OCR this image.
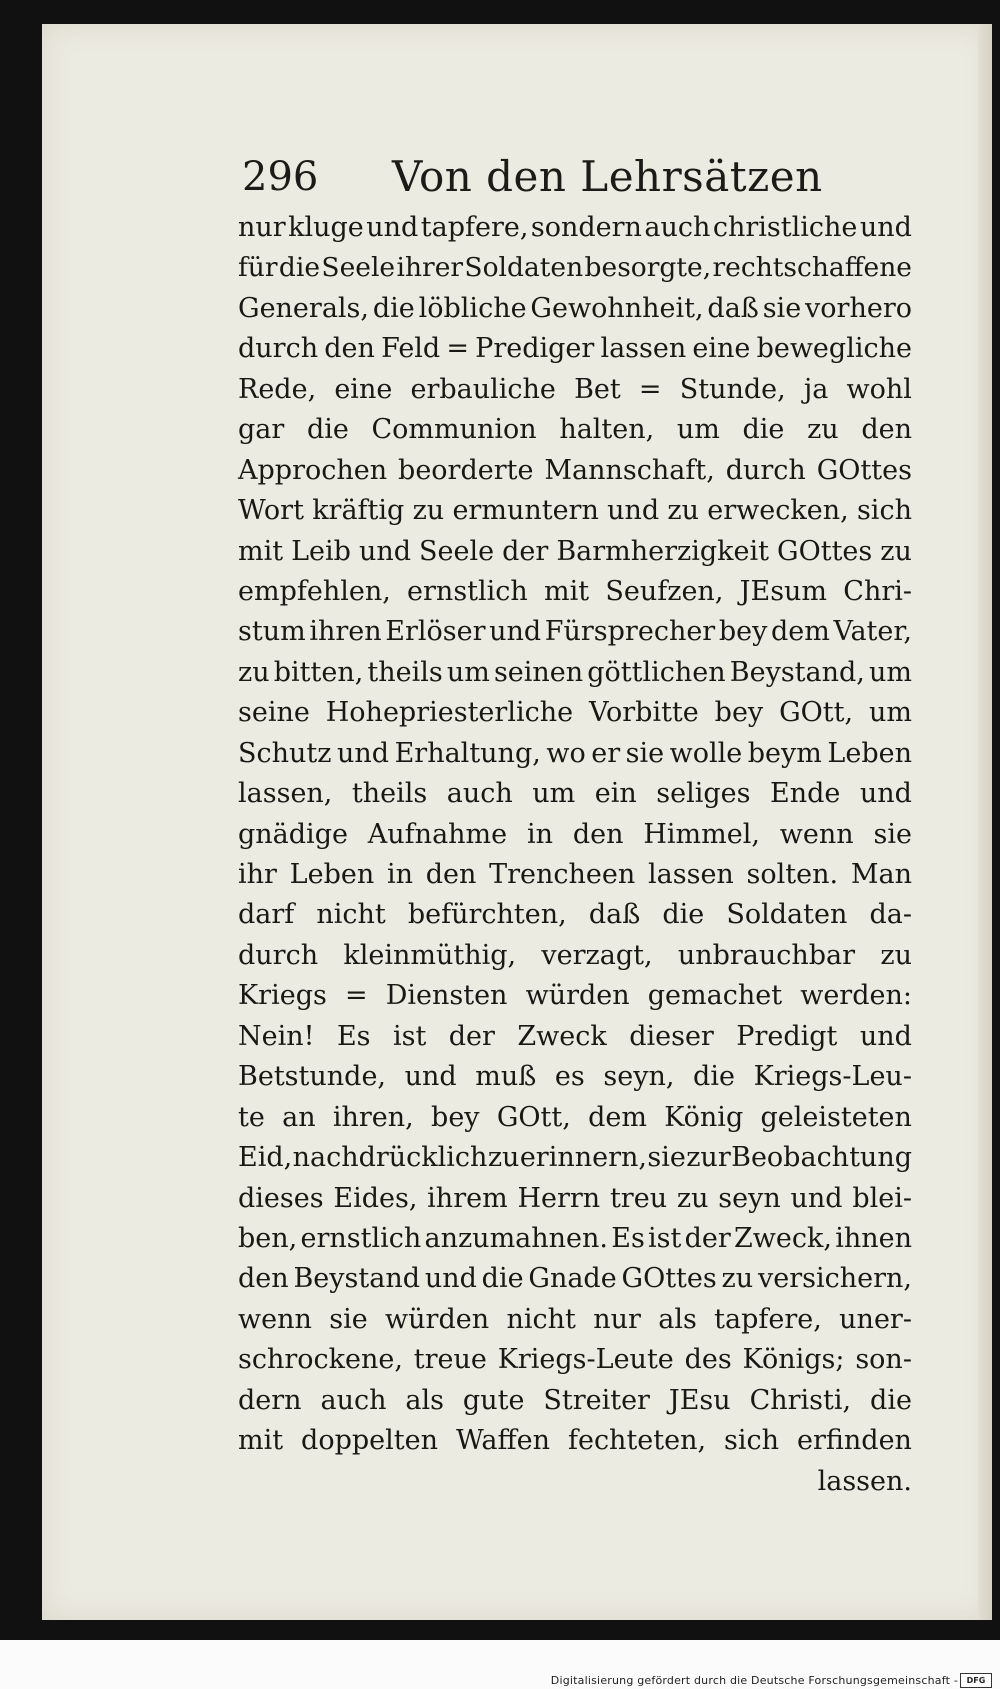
296 Von den Lehrsätzen
nur kluge und tapfere, sondern auch christliche und
für die Seele ihrer Soldaten besorgte, rechtschaffene
Generals, die löbliche Gewohnheit, daß sie vorhero
durch den Feld = Prediger lassen eine bewegliche
Rede, eine erbauliche Bet = Stunde, ja wohl
gar die Communion halten, um die zu den
Approchen beorderte Mannschaft, durch GOttes
Wort kräftig zu ermuntern und zu erwecken, sich
mit Leib und Seele der Barmherzigkeit GOttes zu
empfehlen, ernstlich mit Seufzen, JEsum Chri-
stum ihren Erlöser und Fürsprecher bey dem Vater,
zu bitten, theils um seinen göttlichen Beystand, um
seine Hohepriesterliche Vorbitte bey GOtt, um
Schutz und Erhaltung, wo er sie wolle beym Leben
lassen, theils auch um ein seliges Ende und
gnädige Aufnahme in den Himmel, wenn sie
ihr Leben in den Trencheen lassen solten. Man
darf nicht befürchten, daß die Soldaten da-
durch kleinmüthig, verzagt, unbrauchbar zu
Kriegs = Diensten würden gemachet werden:
Nein! Es ist der Zweck dieser Predigt und
Betstunde, und muß es seyn, die Kriegs-Leu-
te an ihren, bey GOtt, dem König geleisteten
Eid, nachdrücklich zu erinnern, sie zur Beobachtung
dieses Eides, ihrem Herrn treu zu seyn und blei-
ben, ernstlich anzumahnen. Es ist der Zweck, ihnen
den Beystand und die Gnade GOttes zu versichern,
wenn sie würden nicht nur als tapfere, uner-
schrockene, treue Kriegs-Leute des Königs; son-
dern auch als gute Streiter JEsu Christi, die
mit doppelten Waffen fechteten, sich erfinden
lassen.
Digitalisierung gefördert durch die Deutsche Forschungsgemeinschaft -	DFG
